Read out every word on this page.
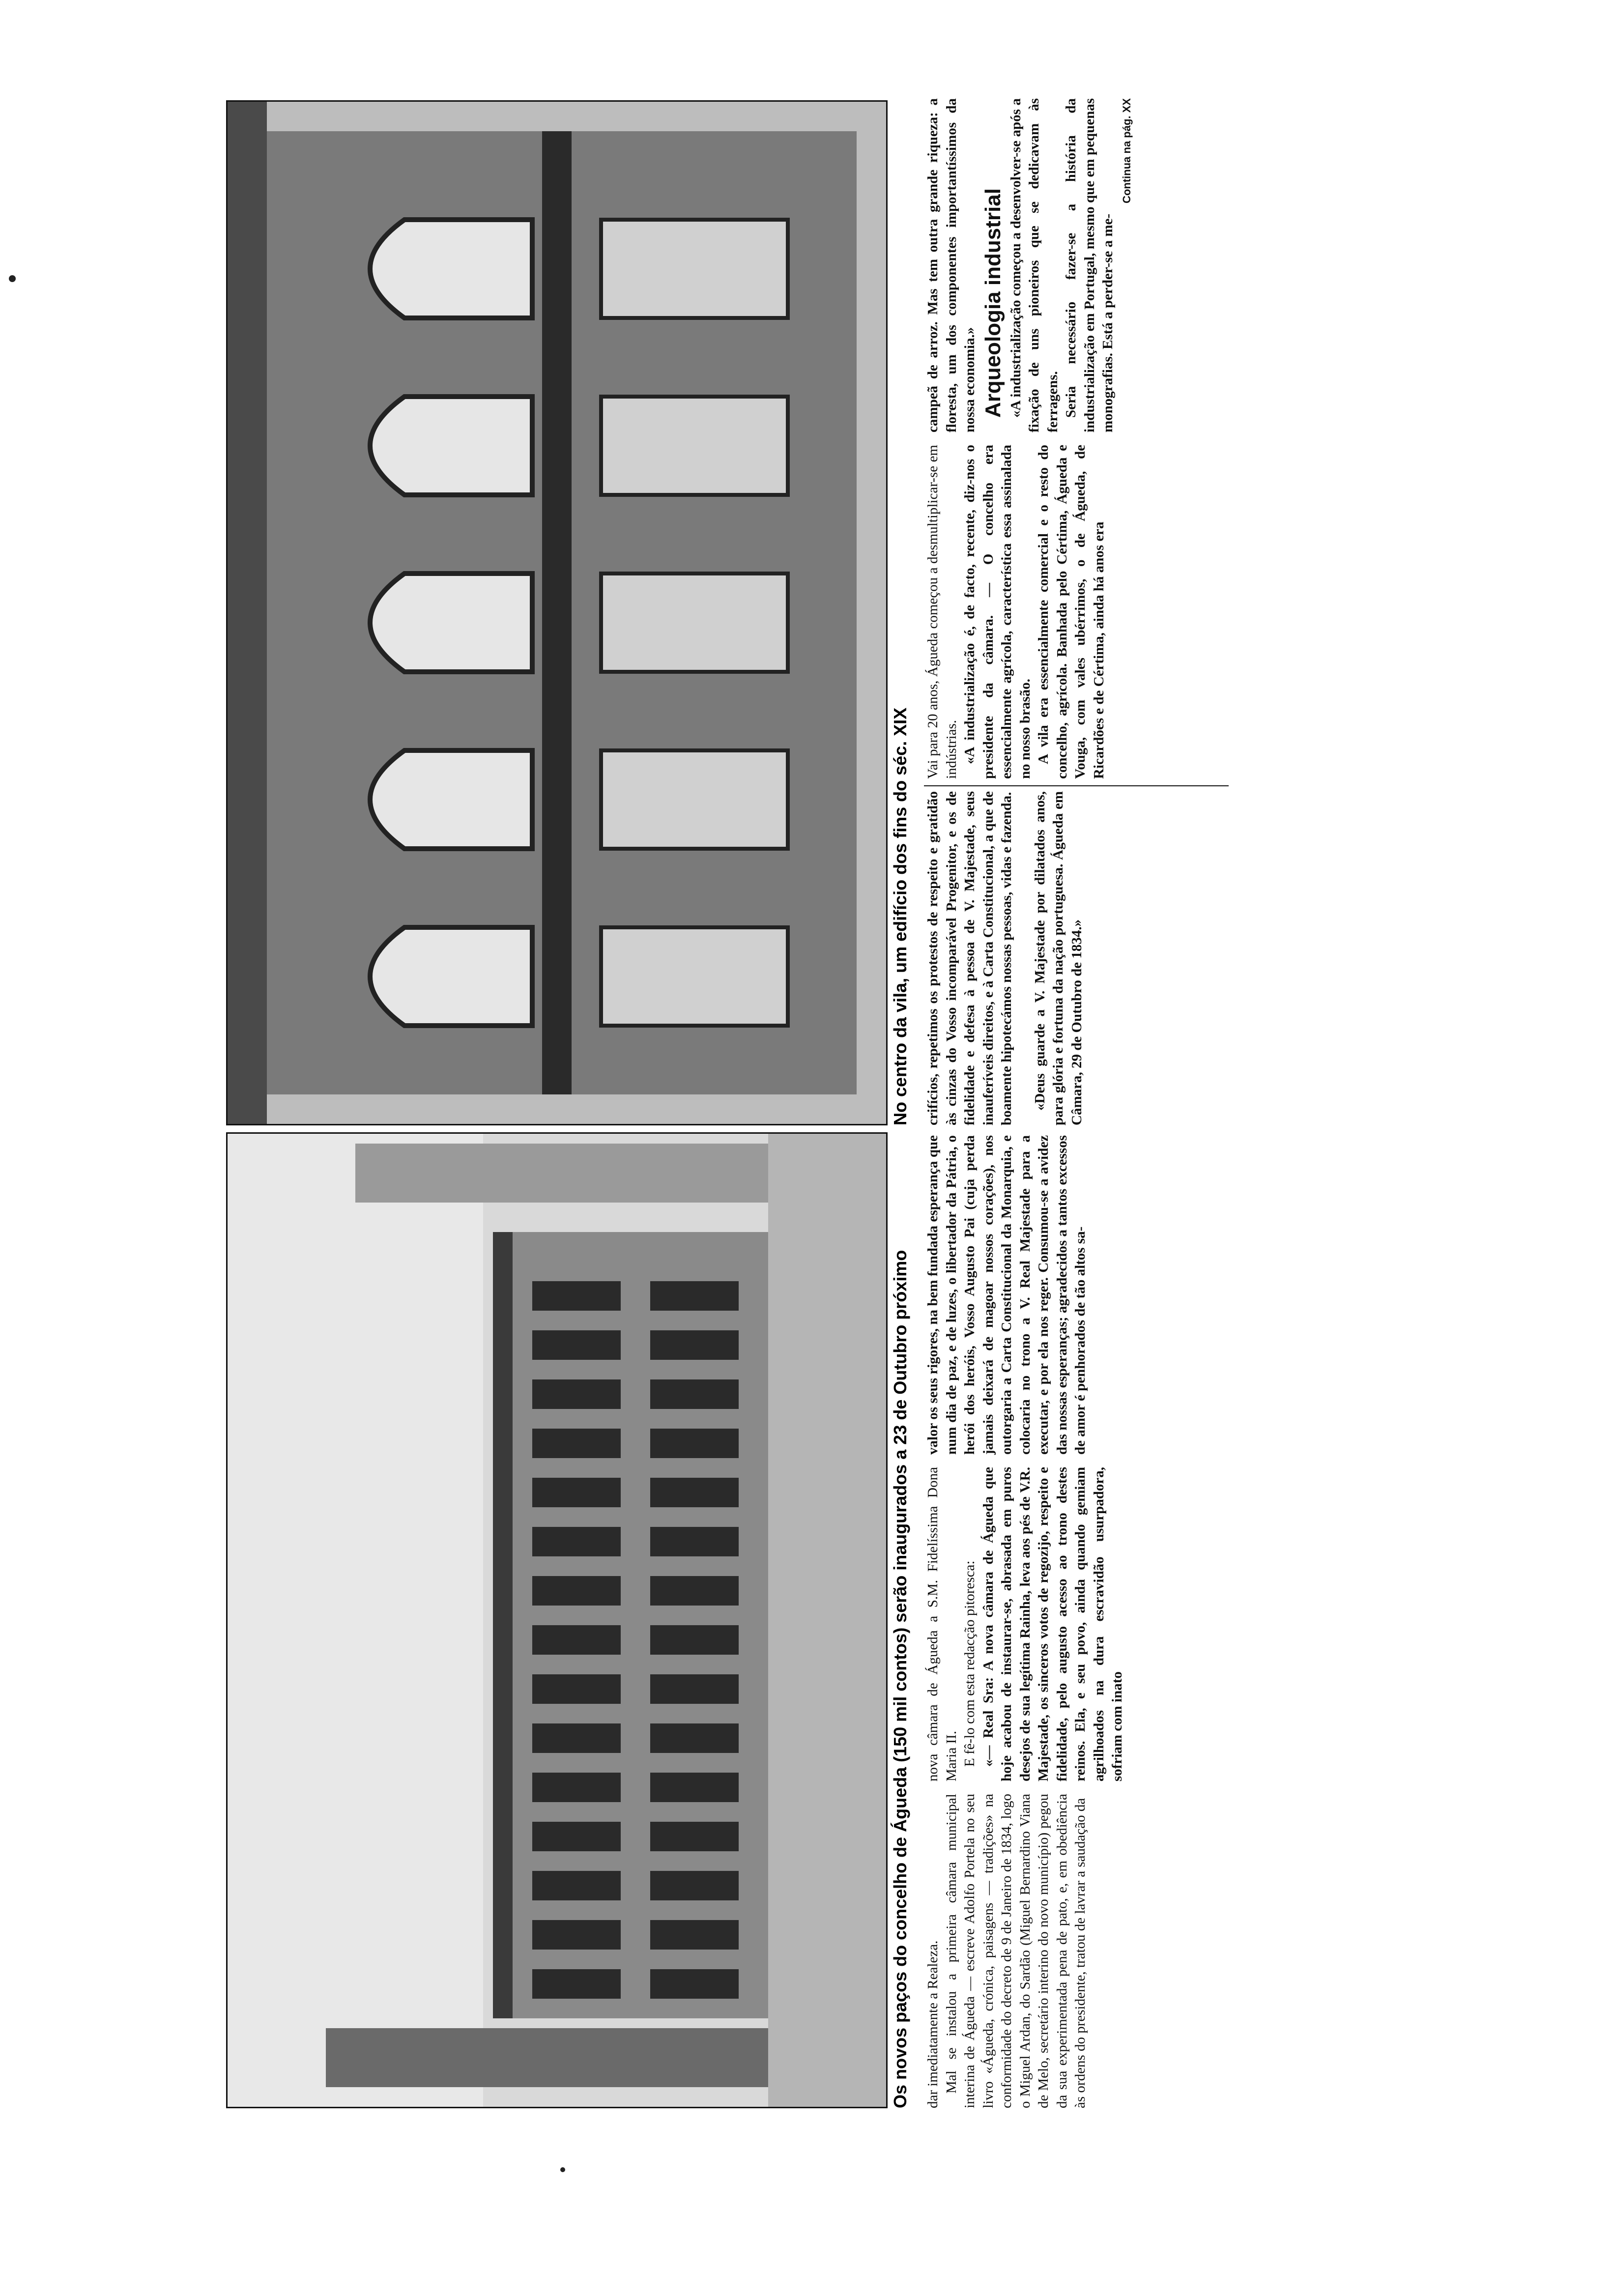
Os novos paços do concelho de Águeda (150 mil contos) serão inaugurados a 23 de Outubro próximo
No centro da vila, um edifício dos fins do séc. XIX

dar imediatamente a Realeza. Mal se instalou a primeira câmara municipal interina de Águeda — escreve Adolfo Portela no seu livro «Águeda, crónica, paisagens — tradições» na conformidade do decreto de 9 de Janeiro de 1834, logo o Miguel Ardan, do Sardão (Miguel Bernardino Viana de Melo, secretário interino do novo município) pegou da sua experimentada pena de pato, e, em obediência às ordens do presidente, tratou de lavrar a saudação da

nova câmara de Águeda a S.M. Fidelíssima Dona Maria II. E fê-lo com esta redacção pitoresca: «— Real Sra: A nova câmara de Águeda que hoje acabou de instaurar-se, abrasada em puros desejos de sua legítima Rainha, leva aos pés de V.R. Majestade, os sinceros votos de regozijo, respeito e fidelidade, pelo augusto acesso ao trono destes reinos. Ela, e seu povo, ainda quando gemiam agrilhoados na dura escravidão usurpadora, sofriam com inato

valor os seus rigores, na bem fundada esperança que num dia de paz, e de luzes, o libertador da Pátria, o herói dos heróis, Vosso Augusto Pai (cuja perda jamais deixará de magoar nossos corações), nos outorgaria a Carta Constitucional da Monarquia, e colocaria no trono a V. Real Majestade para a executar, e por ela nos reger. Consumou-se a avidez das nossas esperanças; agradecidos a tantos excessos de amor é penhorados de tão altos sa-

crifícios, repetimos os protestos de respeito e gratidão às cinzas do Vosso incomparável Progenitor, e os de fidelidade e defesa à pessoa de V. Majestade, seus inauferíveis direitos, e à Carta Constitucional, a que de boamente hipotecámos nossas pessoas, vidas e fazenda. «Deus guarde a V. Majestade por dilatados anos, para glória e fortuna da nação portuguesa. Águeda em Câmara, 29 de Outubro de 1834.»

Vai para 20 anos, Águeda começou a desmultiplicar-se em indústrias. «A industrialização é, de facto, recente, diz-nos o presidente da câmara. — O concelho era essencialmente agrícola, característica essa assinalada no nosso brasão. A vila era essencialmente comercial e o resto do concelho, agrícola. Banhada pelo Cértima, Águeda e Vouga, com vales ubérrimos, o de Águeda, de Ricardões e de Cértima, ainda há anos era

campeã de arroz. Mas tem outra grande riqueza: a floresta, um dos componentes importantíssimos da nossa economia.» Arqueologia industrial «A industrialização começou a desenvolver-se após a fixação de uns pioneiros que se dedicavam às ferragens. Seria necessário fazer-se a história da industrialização em Portugal, mesmo que em pequenas monografias. Está a perder-se a me-

Continua na pág. XX
